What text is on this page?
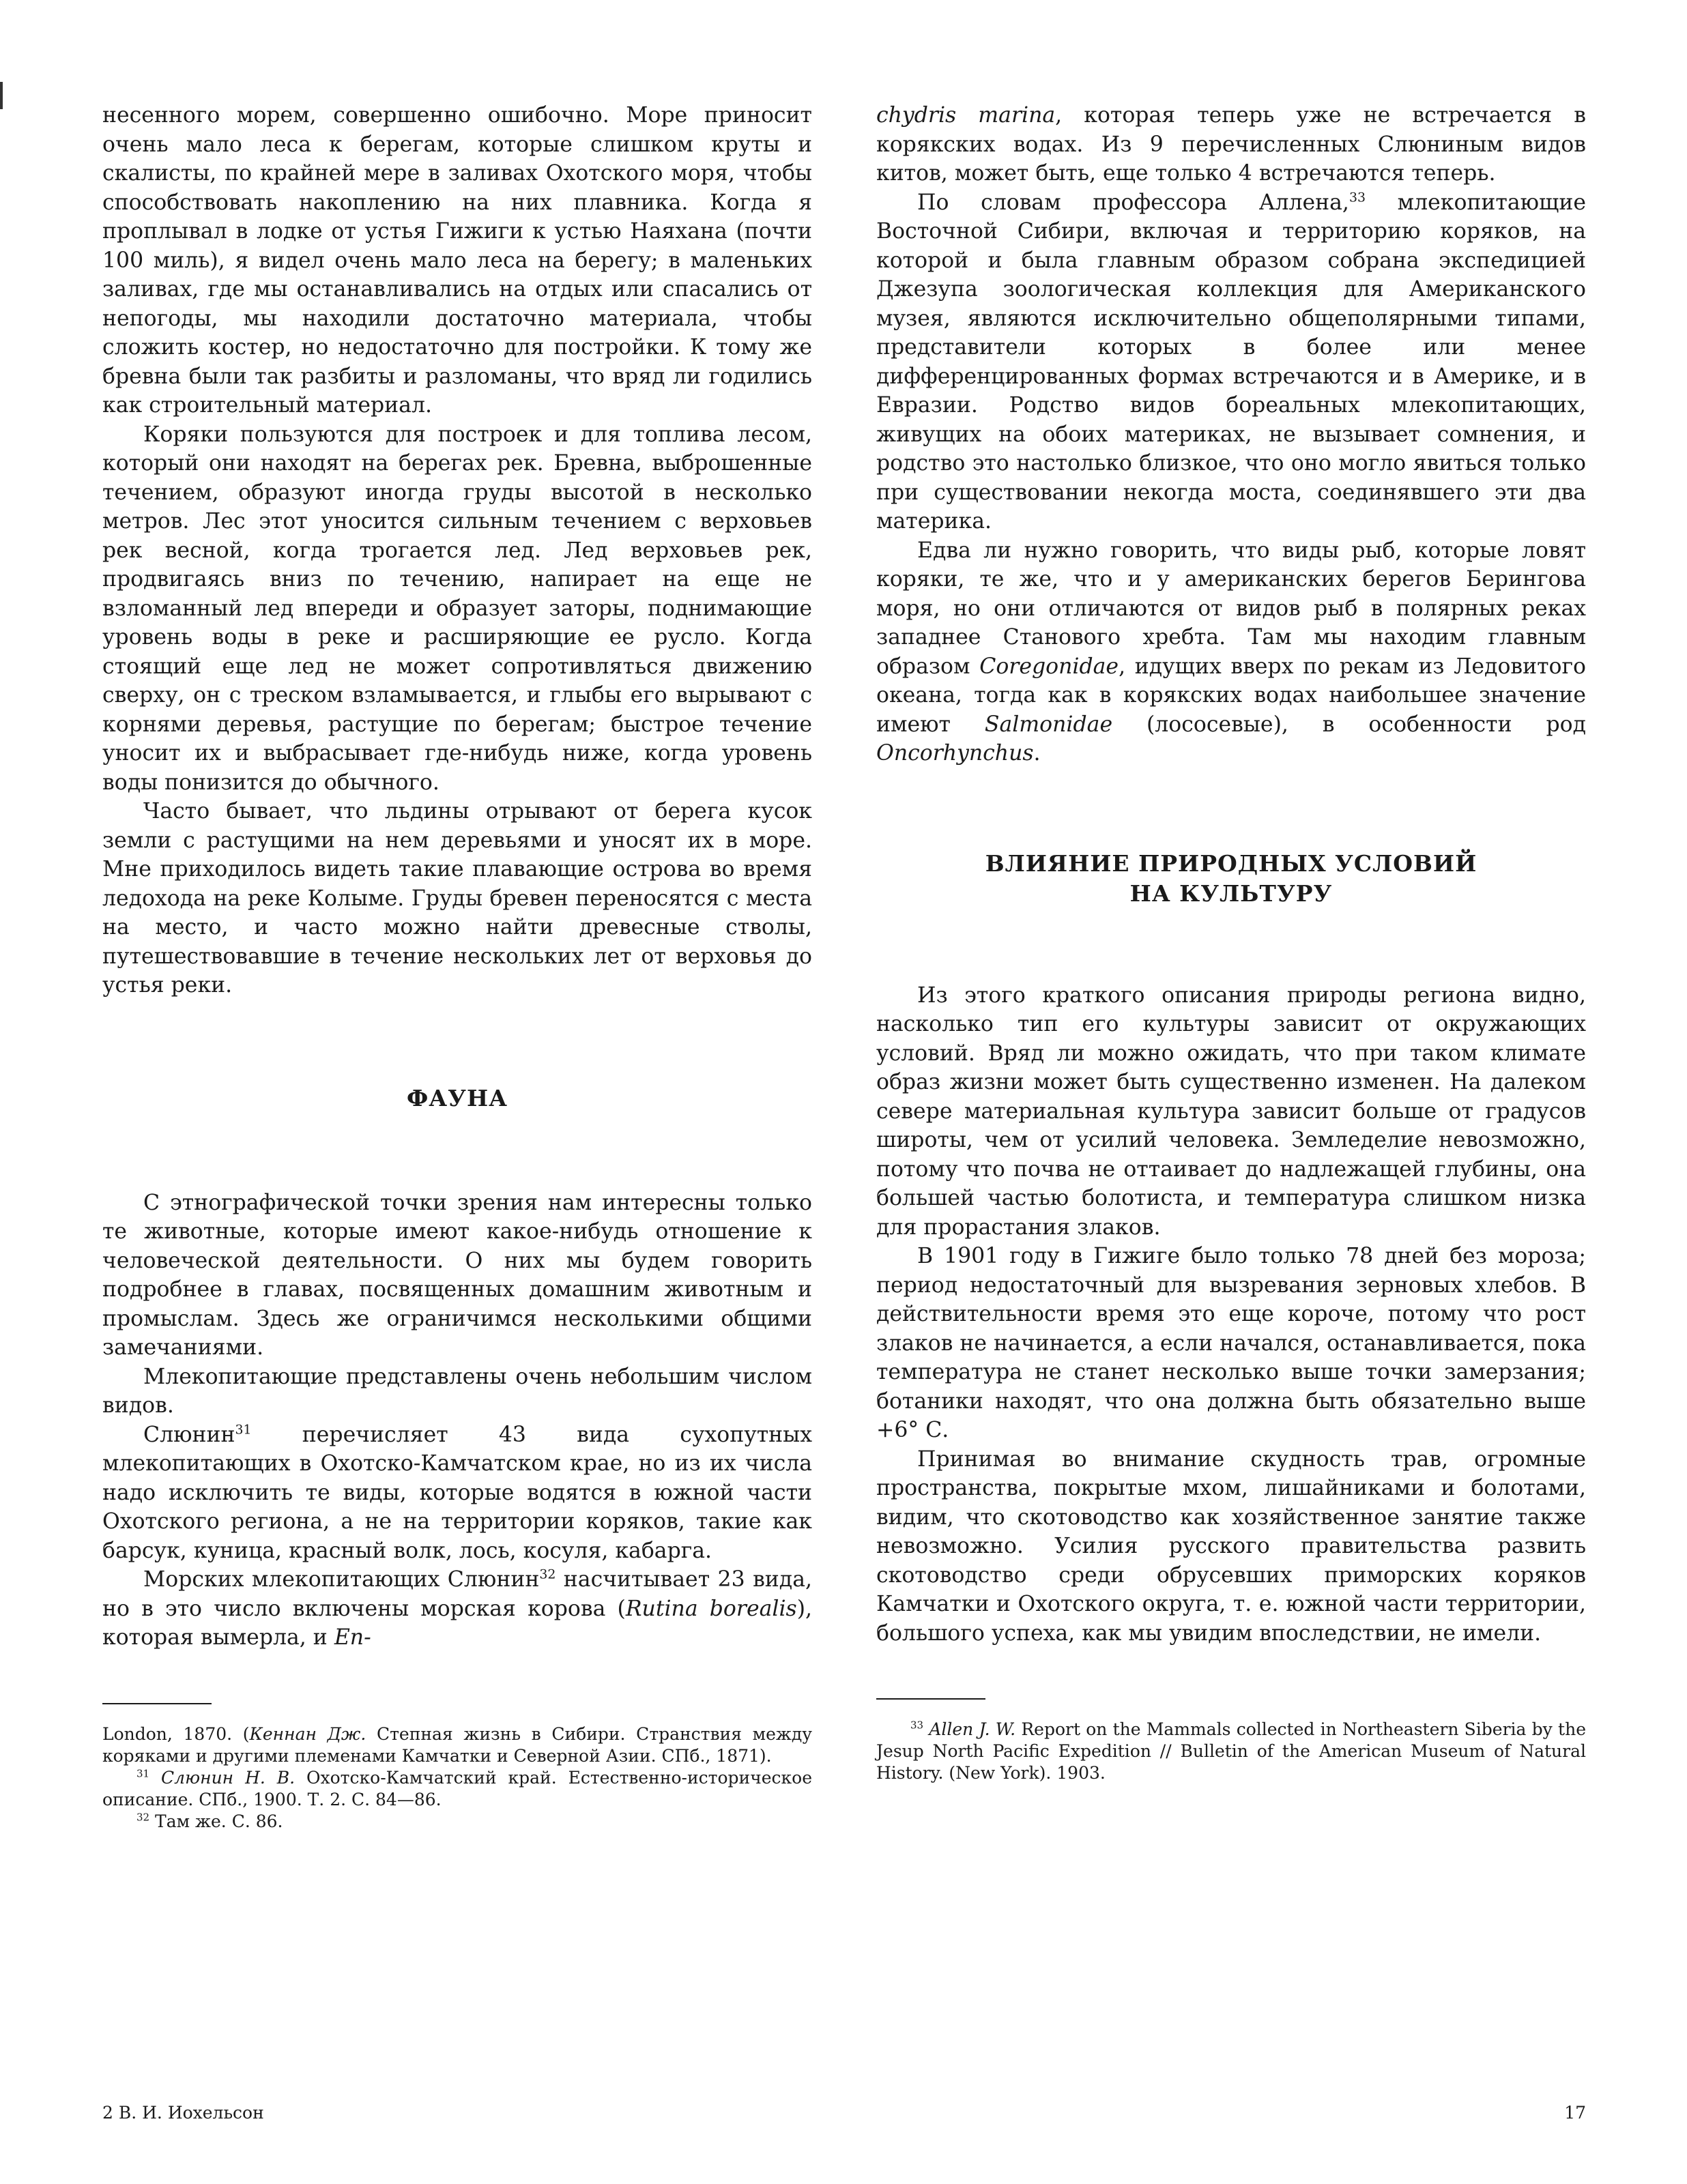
несенного морем, совершенно ошибочно. Море приносит очень мало леса к берегам, которые слишком круты и скалисты, по крайней мере в заливах Охотского моря, чтобы способствовать накоплению на них плавника. Когда я проплывал в лодке от устья Гижиги к устью Наяхана (почти 100 миль), я видел очень мало леса на берегу; в маленьких заливах, где мы останавливались на отдых или спасались от непогоды, мы находили достаточно материала, чтобы сложить костер, но недостаточно для постройки. К тому же бревна были так разбиты и разломаны, что вряд ли годились как строительный материал.

Коряки пользуются для построек и для топлива лесом, который они находят на берегах рек. Бревна, выброшенные течением, образуют иногда груды высотой в несколько метров. Лес этот уносится сильным течением с верховьев рек весной, когда трогается лед. Лед верховьев рек, продвигаясь вниз по течению, напирает на еще не взломанный лед впереди и образует заторы, поднимающие уровень воды в реке и расширяющие ее русло. Когда стоящий еще лед не может сопротивляться движению сверху, он с треском взламывается, и глыбы его вырывают с корнями деревья, растущие по берегам; быстрое течение уносит их и выбрасывает где-нибудь ниже, когда уровень воды понизится до обычного.

Часто бывает, что льдины отрывают от берега кусок земли с растущими на нем деревьями и уносят их в море. Мне приходилось видеть такие плавающие острова во время ледохода на реке Колыме. Груды бревен переносятся с места на место, и часто можно найти древесные стволы, путешествовавшие в течение нескольких лет от верховья до устья реки.

ФАУНА

С этнографической точки зрения нам интересны только те животные, которые имеют какое-нибудь отношение к человеческой деятельности. О них мы будем говорить подробнее в главах, посвященных домашним животным и промыслам. Здесь же ограничимся несколькими общими замечаниями.

Млекопитающие представлены очень небольшим числом видов.

Слюнин$^{31}$ перечисляет 43 вида сухопутных млекопитающих в Охотско-Камчатском крае, но из их числа надо исключить те виды, которые водятся в южной части Охотского региона, а не на территории коряков, такие как барсук, куница, красный волк, лось, косуля, кабарга.

Морских млекопитающих Слюнин$^{32}$ насчитывает 23 вида, но в это число включены морская корова (Rutina borealis), которая вымерла, и En-

London, 1870. (Кеннан Дж. Степная жизнь в Сибири. Странствия между коряками и другими племенами Камчатки и Северной Азии. СПб., 1871).

$^{31}$ Слюнин Н. В. Охотско-Камчатский край. Естественно-историческое описание. СПб., 1900. Т. 2. С. 84—86.

$^{32}$ Там же. С. 86.

chydris marina, которая теперь уже не встречается в корякских водах. Из 9 перечисленных Слюниным видов китов, может быть, еще только 4 встречаются теперь.

По словам профессора Аллена,$^{33}$ млекопитающие Восточной Сибири, включая и территорию коряков, на которой и была главным образом собрана экспедицией Джезупа зоологическая коллекция для Американского музея, являются исключительно общеполярными типами, представители которых в более или менее дифференцированных формах встречаются и в Америке, и в Евразии. Родство видов бореальных млекопитающих, живущих на обоих материках, не вызывает сомнения, и родство это настолько близкое, что оно могло явиться только при существовании некогда моста, соединявшего эти два материка.

Едва ли нужно говорить, что виды рыб, которые ловят коряки, те же, что и у американских берегов Берингова моря, но они отличаются от видов рыб в полярных реках западнее Станового хребта. Там мы находим главным образом Coregonidae, идущих вверх по рекам из Ледовитого океана, тогда как в корякских водах наибольшее значение имеют Salmonidae (лососевые), в особенности род Oncorhynchus.

ВЛИЯНИЕ ПРИРОДНЫХ УСЛОВИЙ
НА КУЛЬТУРУ

Из этого краткого описания природы региона видно, насколько тип его культуры зависит от окружающих условий. Вряд ли можно ожидать, что при таком климате образ жизни может быть существенно изменен. На далеком севере материальная культура зависит больше от градусов широты, чем от усилий человека. Земледелие невозможно, потому что почва не оттаивает до надлежащей глубины, она большей частью болотиста, и температура слишком низка для прорастания злаков.

В 1901 году в Гижиге было только 78 дней без мороза; период недостаточный для вызревания зерновых хлебов. В действительности время это еще короче, потому что рост злаков не начинается, а если начался, останавливается, пока температура не станет несколько выше точки замерзания; ботаники находят, что она должна быть обязательно выше +6° С.

Принимая во внимание скудность трав, огромные пространства, покрытые мхом, лишайниками и болотами, видим, что скотоводство как хозяйственное занятие также невозможно. Усилия русского правительства развить скотоводство среди обрусевших приморских коряков Камчатки и Охотского округа, т. е. южной части территории, большого успеха, как мы увидим впоследствии, не имели.

$^{33}$ Allen J. W. Report on the Mammals collected in Northeastern Siberia by the Jesup North Pacific Expedition // Bulletin of the American Museum of Natural History. (New York). 1903.

2 В. И. Иохельсон	17
